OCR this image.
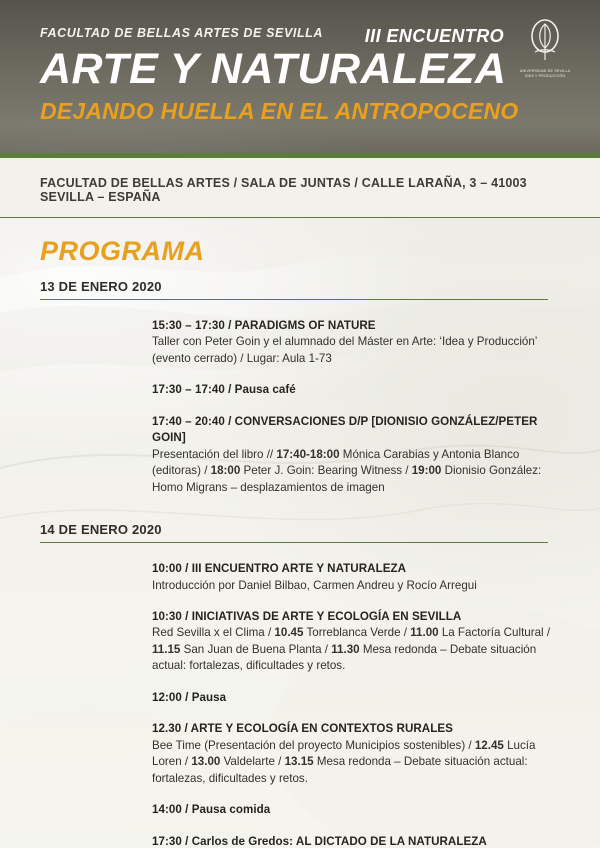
FACULTAD DE BELLAS ARTES DE SEVILLA	III ENCUENTRO
ARTE Y NATURALEZA
DEJANDO HUELLA EN EL ANTROPOCENO
UNIVERSIDAD DE SEVILLA IDEA Y PRODUCCIÓN
FACULTAD DE BELLAS ARTES / SALA DE JUNTAS / CALLE LARAÑA, 3 – 41003 SEVILLA – ESPAÑA
PROGRAMA
13 DE ENERO 2020
15:30 – 17:30 / PARADIGMS OF NATURE
Taller con Peter Goin y el alumnado del Máster en Arte: ‘Idea y Producción’ (evento cerrado) / Lugar: Aula 1-73
17:30 – 17:40 / Pausa café
17:40 – 20:40 / CONVERSACIONES D/P [DIONISIO GONZÁLEZ/PETER GOIN]
Presentación del libro // 17:40-18:00 Mónica Carabias y Antonia Blanco (editoras) / 18:00 Peter J. Goin: Bearing Witness / 19:00 Dionisio González: Homo Migrans – desplazamientos de imagen
14 DE ENERO 2020
10:00 / III ENCUENTRO ARTE Y NATURALEZA
Introducción por Daniel Bilbao, Carmen Andreu y Rocío Arregui
10:30 / INICIATIVAS DE ARTE Y ECOLOGÍA EN SEVILLA
Red Sevilla x el Clima / 10.45 Torreblanca Verde / 11.00 La Factoría Cultural / 11.15 San Juan de Buena Planta / 11.30 Mesa redonda – Debate situación actual: fortalezas, dificultades y retos.
12:00 / Pausa
12.30 / ARTE Y ECOLOGÍA EN CONTEXTOS RURALES
Bee Time (Presentación del proyecto Municipios sostenibles) / 12.45 Lucía Loren / 13.00 Valdelarte / 13.15 Mesa redonda – Debate situación actual: fortalezas, dificultades y retos.
14:00 / Pausa comida
17:30 / Carlos de Gredos: AL DICTADO DE LA NATURALEZA
